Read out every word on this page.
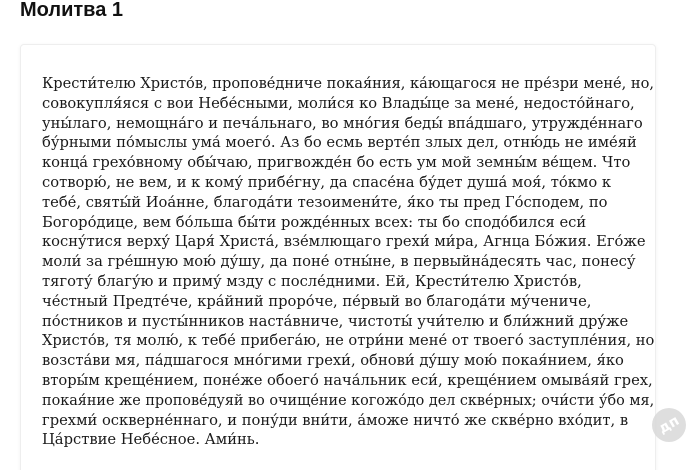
Молитва 1

Крести́телю Христо́в, пропове́дниче покая́ния, ка́ющагося не пре́зри мене́, но,
совокупля́яся с вои Небе́сными, моли́ся ко Влады́це за мене́, недосто́йнаго,
уны́лаго, немощна́го и печа́льнаго, во мно́гия беды́ впа́дшаго, утружде́ннаго
бу́рными по́мыслы ума́ моего́. Аз бо есмь верте́п злых дел, отню́дь не име́яй
конца́ грехо́вному обы́чаю, пригвожде́н бо есть ум мой земны́м ве́щем. Что
сотворю́, не вем, и к кому́ прибе́гну, да спасе́на бу́дет душа́ моя́, то́кмо к
тебе́, святы́й Иоа́нне, благода́ти тезоимени́те, я́ко ты пред Го́сподем, по
Богоро́дице, вем бо́льша бы́ти рожде́нных всех: ты бо сподо́бился еси́
косну́тися верху́ Царя́ Христа́, взе́млющаго грехи́ ми́ра, Агнца Бо́жия. Его́же
моли́ за гре́шную мою́ ду́шу, да поне́ отны́не, в первыйна́десять час, понесу́
тяготу́ благу́ю и приму́ мзду с после́дними. Ей, Крести́телю Христо́в,
че́стный Предте́че, кра́йний проро́че, пе́рвый во благода́ти му́чениче,
по́стников и пусты́нников наста́вниче, чистоты́ учи́телю и бли́жний дру́же
Христо́в, тя молю́, к тебе́ прибега́ю, не отри́ни мене́ от твоего́ заступле́ния, но
возста́ви мя, па́дшагося мно́гими грехи́, обнови́ ду́шу мою́ покая́нием, я́ко
вторы́м креще́нием, поне́же обоего́ нача́льник еси́, креще́нием омыва́яй грех,
покая́ние же пропове́дуяй во очище́ние когожо́до дел скве́рных; очи́сти у́бо мя,
грехми́ оскверне́ннаго, и пону́ди вни́ти, а́може ничто́ же скве́рно вхо́дит, в
Ца́рствие Небе́сное. Ами́нь.

дп
